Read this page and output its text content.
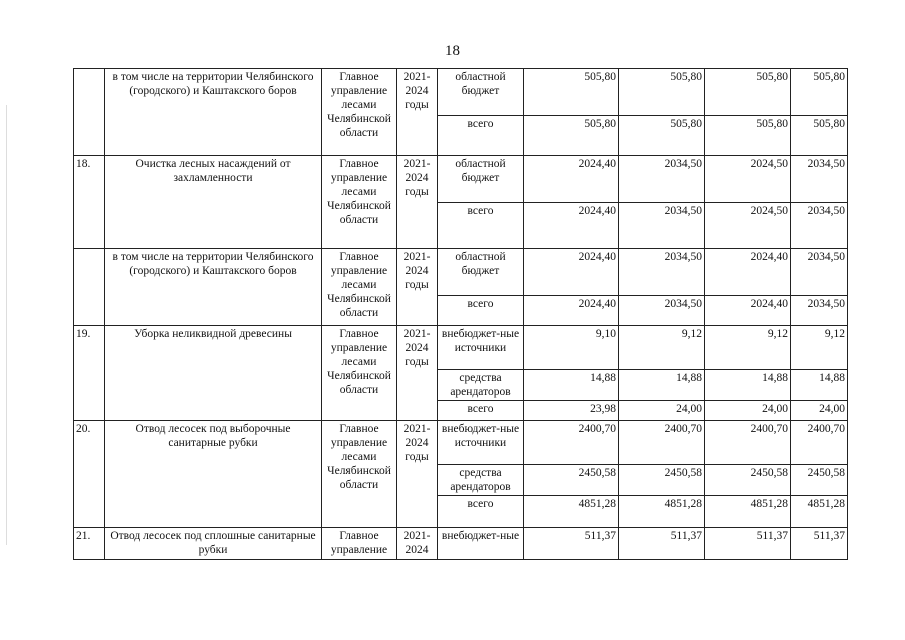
18
	в том числе на территории Челябинского (городского) и Каштакского боров	Главное управление лесами Челябинской области	2021-2024 годы	областной бюджет	505,80	505,80	505,80	505,80
				всего	505,80	505,80	505,80	505,80
18.	Очистка лесных насаждений от захламленности	Главное управление лесами Челябинской области	2021-2024 годы	областной бюджет	2024,40	2034,50	2024,50	2034,50
				всего	2024,40	2034,50	2024,50	2034,50
	в том числе на территории Челябинского (городского) и Каштакского боров	Главное управление лесами Челябинской области	2021-2024 годы	областной бюджет	2024,40	2034,50	2024,40	2034,50
				всего	2024,40	2034,50	2024,40	2034,50
19.	Уборка неликвидной древесины	Главное управление лесами Челябинской области	2021-2024 годы	внебюджет-ные источники	9,10	9,12	9,12	9,12
				средства арендаторов	14,88	14,88	14,88	14,88
				всего	23,98	24,00	24,00	24,00
20.	Отвод лесосек под выборочные санитарные рубки	Главное управление лесами Челябинской области	2021-2024 годы	внебюджет-ные источники	2400,70	2400,70	2400,70	2400,70
				средства арендаторов	2450,58	2450,58	2450,58	2450,58
				всего	4851,28	4851,28	4851,28	4851,28
21.	Отвод лесосек под сплошные санитарные рубки	Главное управление	2021-2024	внебюджет-ные	511,37	511,37	511,37	511,37
